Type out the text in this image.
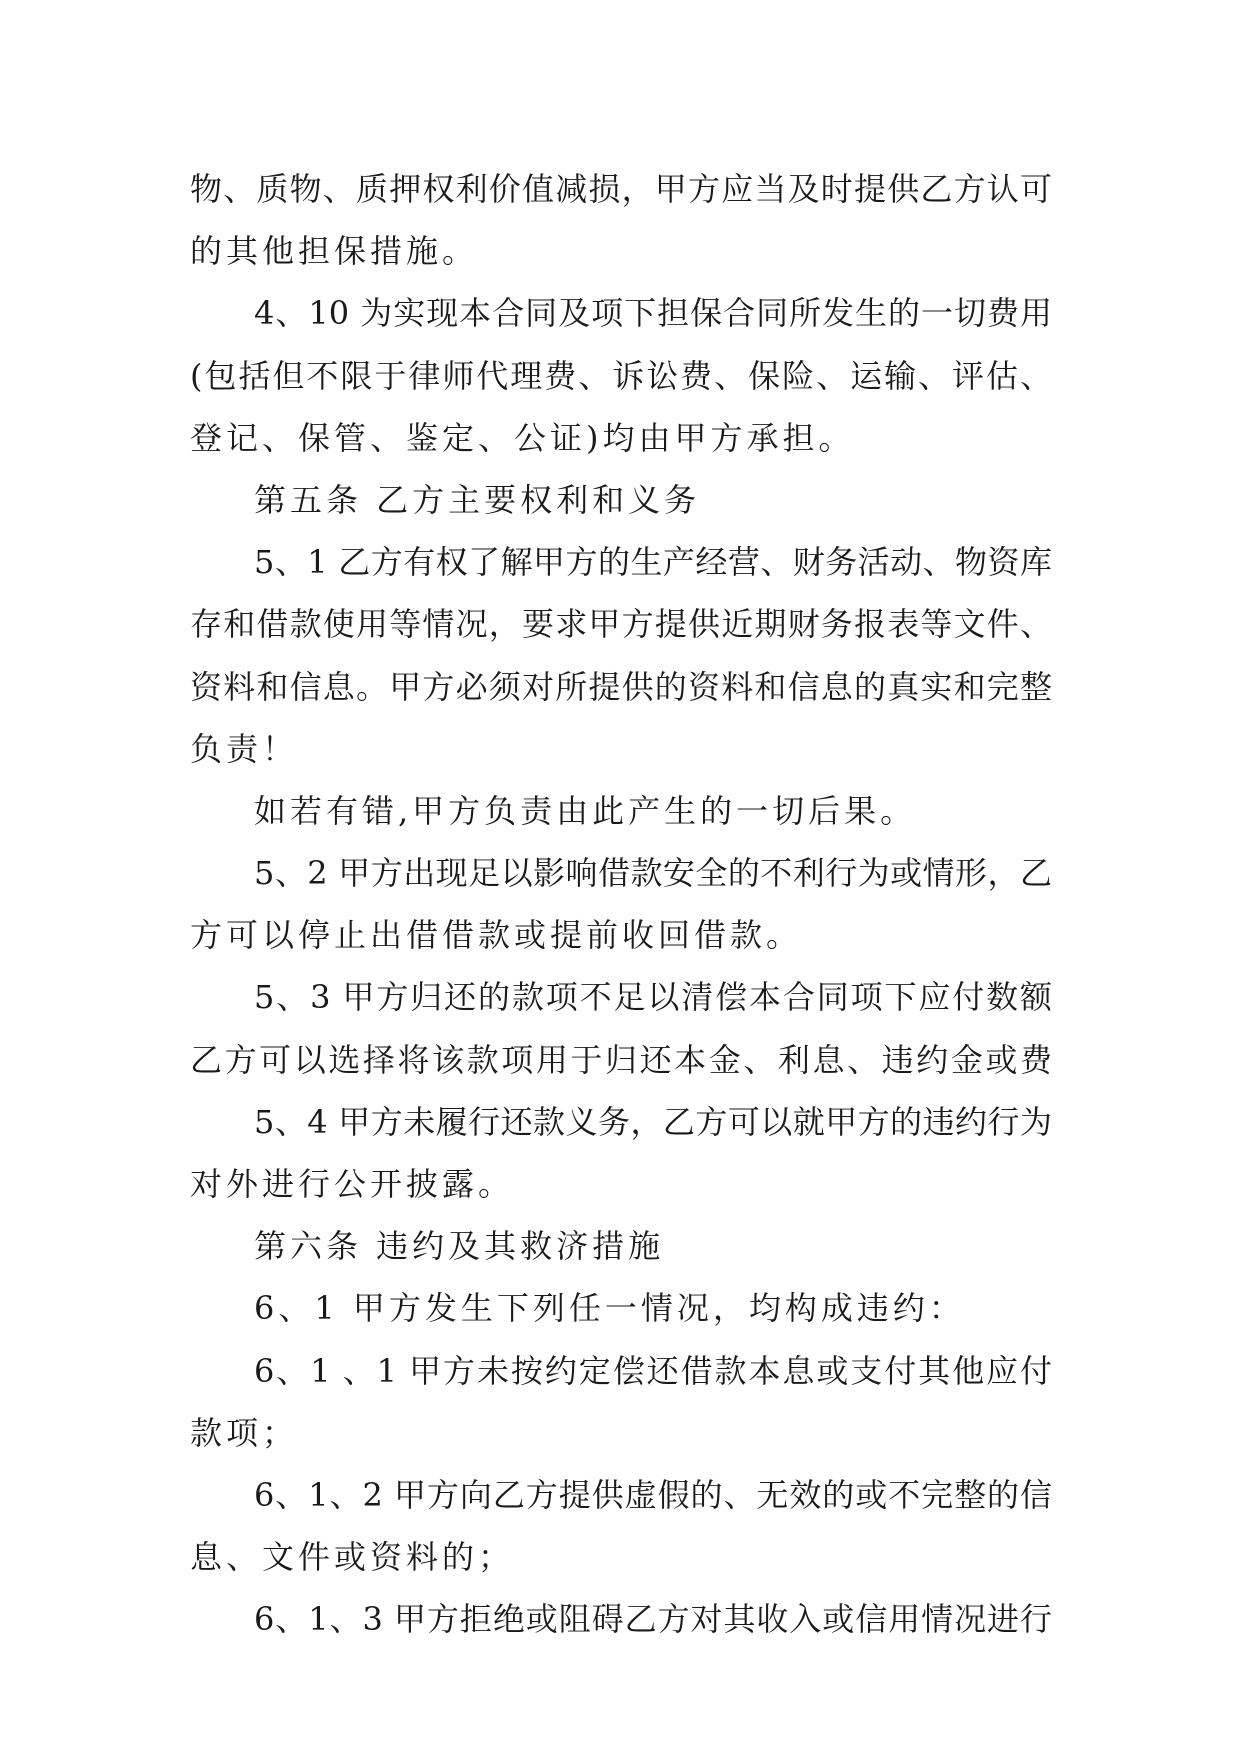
物、质物、质押权利价值减损，甲方应当及时提供乙方认可
的其他担保措施。
4、10 为实现本合同及项下担保合同所发生的一切费用
(包括但不限于律师代理费、诉讼费、保险、运输、评估、
登记、保管、鉴定、公证)均由甲方承担。
第五条 乙方主要权利和义务
5、1 乙方有权了解甲方的生产经营、财务活动、物资库
存和借款使用等情况，要求甲方提供近期财务报表等文件、
资料和信息。甲方必须对所提供的资料和信息的真实和完整
负责！
如若有错,甲方负责由此产生的一切后果。
5、2 甲方出现足以影响借款安全的不利行为或情形，乙
方可以停止出借借款或提前收回借款。
5、3 甲方归还的款项不足以清偿本合同项下应付数额
乙方可以选择将该款项用于归还本金、利息、违约金或费
5、4 甲方未履行还款义务，乙方可以就甲方的违约行为
对外进行公开披露。
第六条 违约及其救济措施
6、1 甲方发生下列任一情况，均构成违约：
6、1 、1 甲方未按约定偿还借款本息或支付其他应付
款项；
6、1、2 甲方向乙方提供虚假的、无效的或不完整的信
息、文件或资料的；
6、1、3 甲方拒绝或阻碍乙方对其收入或信用情况进行
